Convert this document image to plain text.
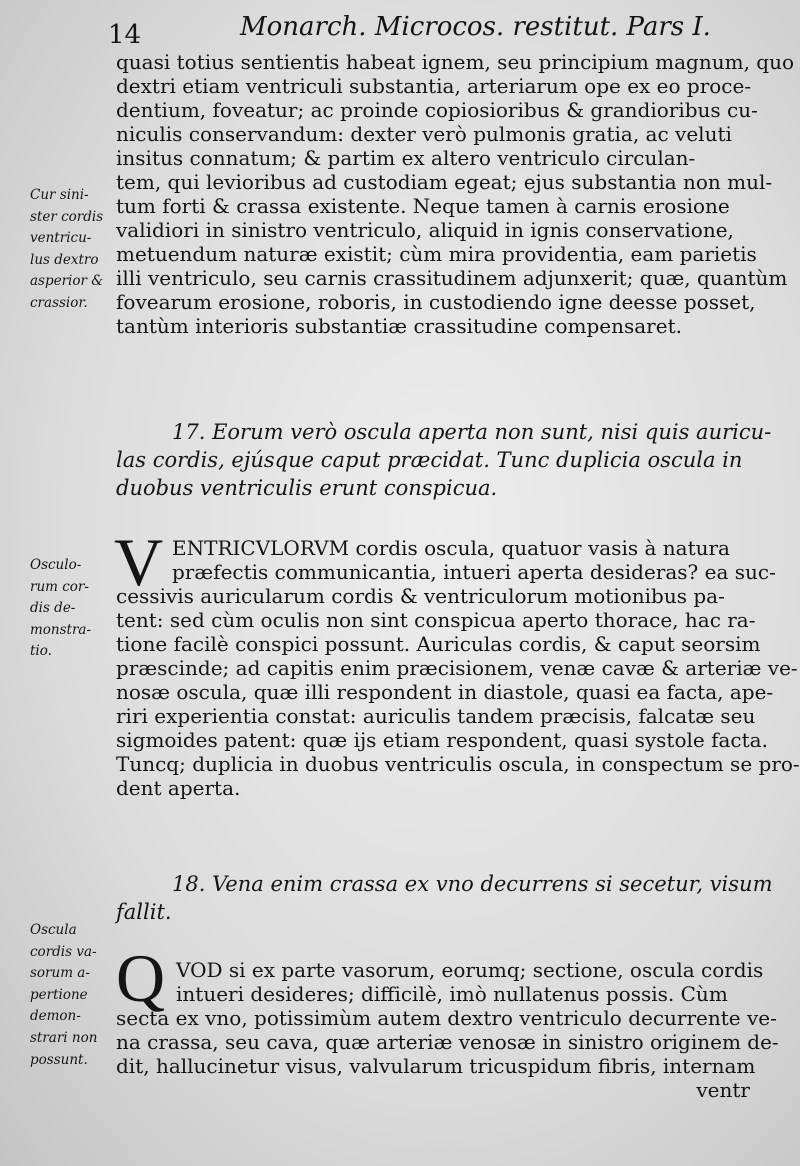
14	Monarch. Microcos. restitut. Pars I.
quasi totius sentientis habeat ignem, seu principium magnum, quo
dextri etiam ventriculi substantia, arteriarum ope ex eo proce-
dentium, foveatur; ac proinde copiosioribus & grandioribus cu-
niculis conservandum: dexter verò pulmonis gratia, ac veluti
insitus connatum; & partim ex altero ventriculo circulan-
tem, qui levioribus ad custodiam egeat; ejus substantia non mul-
tum forti & crassa existente. Neque tamen à carnis erosione
validiori in sinistro ventriculo, aliquid in ignis conservatione,
metuendum naturæ existit; cùm mira providentia, eam parietis
illi ventriculo, seu carnis crassitudinem adjunxerit; quæ, quantùm
fovearum erosione, roboris, in custodiendo igne deesse posset,
tantùm interioris substantiæ crassitudine compensaret.
Cur sini-
ster cordis
ventricu-
lus dextro
asperior &
crassior.
17. Eorum verò oscula aperta non sunt, nisi quis auricu-
las cordis, ejúsque caput præcidat. Tunc duplicia oscula in
duobus ventriculis erunt conspicua.
V ENTRICVLORVM cordis oscula, quatuor vasis à natura
præfectis communicantia, intueri aperta desideras? ea suc-
cessivis auricularum cordis & ventriculorum motionibus pa-
tent: sed cùm oculis non sint conspicua aperto thorace, hac ra-
tione facilè conspici possunt. Auriculas cordis, & caput seorsim
præscinde; ad capitis enim præcisionem, venæ cavæ & arteriæ ve-
nosæ oscula, quæ illi respondent in diastole, quasi ea facta, ape-
riri experientia constat: auriculis tandem præcisis, falcatæ seu
sigmoides patent: quæ ijs etiam respondent, quasi systole facta.
Tuncq; duplicia in duobus ventriculis oscula, in conspectum se pro-
dent aperta.
Osculo-
rum cor-
dis de-
monstra-
tio.
18. Vena enim crassa ex vno decurrens si secetur, visum
fallit.
Q VOD si ex parte vasorum, eorumq; sectione, oscula cordis
intueri desideres; difficilè, imò nullatenus possis. Cùm
secta ex vno, potissimùm autem dextro ventriculo decurrente ve-
na crassa, seu cava, quæ arteriæ venosæ in sinistro originem de-
dit, hallucinetur visus, valvularum tricuspidum fibris, internam
ventr
Oscula
cordis va-
sorum a-
pertione
demon-
strari non
possunt.
